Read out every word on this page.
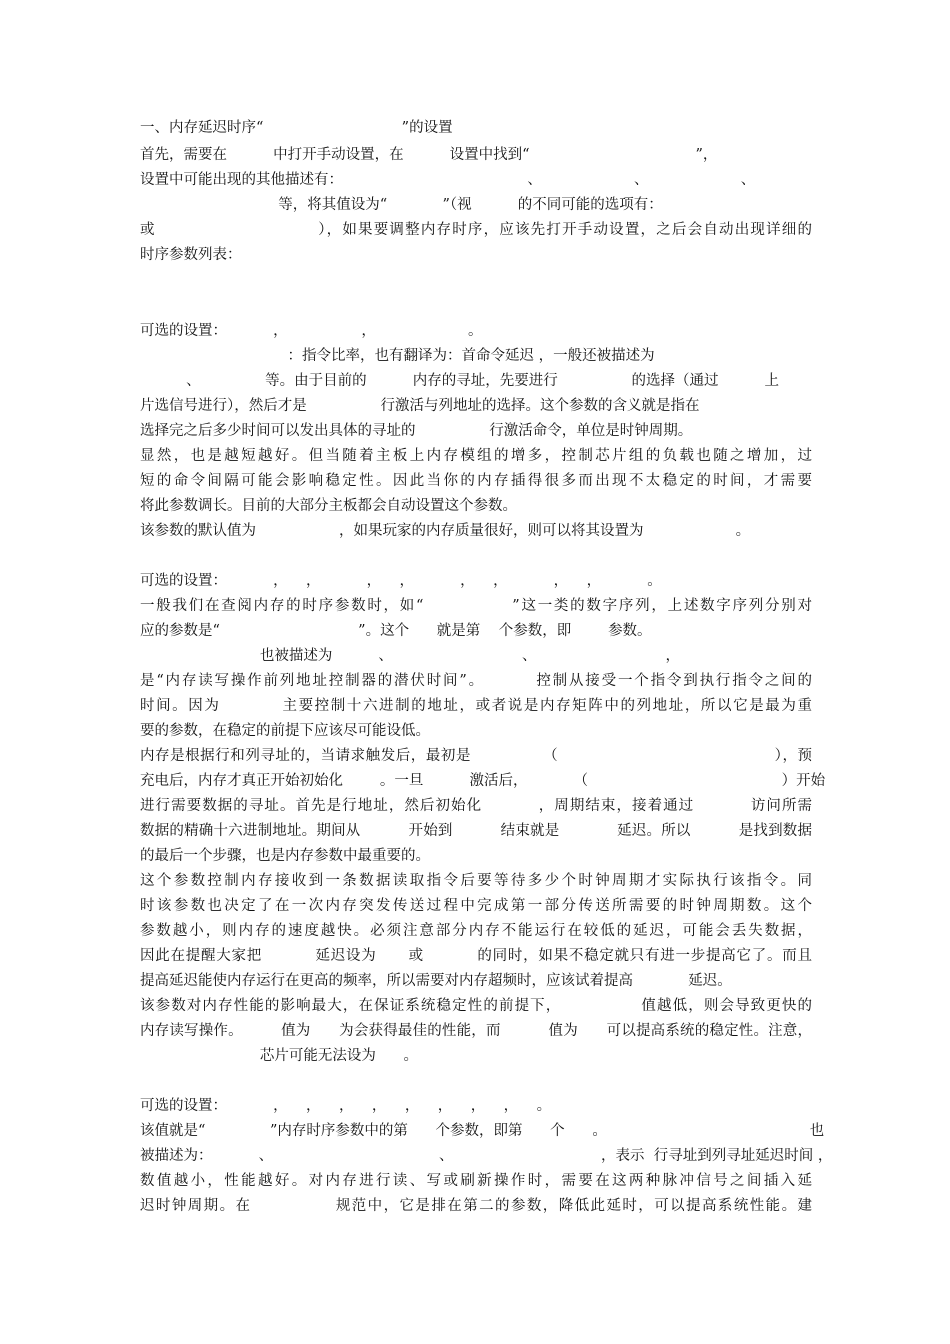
一、内存延迟时序“                              ”的设置
首先，需要在          中打开手动设置，在          设置中找到“                                    ”，
设置中可能出现的其他描述有：                                        、                    、                    、
等，将其值设为“            ”（视          的不同可能的选项有：
或                            ），如果要调整内存时序，应该先打开手动设置，之后会自动出现详细的
时序参数列表：
可选的设置：          ，                ，                    。
：指令比率，也有翻译为：首命令延迟 ，一般还被描述为
、              等。由于目前的          内存的寻址，先要进行                的选择（通过          上
片选信号进行），然后才是                行激活与列地址的选择。这个参数的含义就是指在
选择完之后多少时间可以发出具体的寻址的                行激活命令，单位是时钟周期。
显然，也是越短越好。但当随着主板上内存模组的增多，控制芯片组的负载也随之增加，过
短的命令间隔可能会影响稳定性。因此当你的内存插得很多而出现不太稳定的时间，才需要
将此参数调长。目前的大部分主板都会自动设置这个参数。
该参数的默认值为                  ，如果玩家的内存质量很好，则可以将其设置为                    。
可选的设置：          ，    ，          ，    ，          ，    ，          ，    ，          。
一般我们在查阅内存的时序参数时，如“              ”这一类的数字序列，上述数字序列分别对
应的参数是“                              ”。这个      就是第    个参数，即        参数。
也被描述为          、                            、                            ，
是“内存读写操作前列地址控制器的潜伏时间”。        控制从接受一个指令到执行指令之间的
时间。因为          主要控制十六进制的地址，或者说是内存矩阵中的列地址，所以它是最为重
要的参数，在稳定的前提下应该尽可能设低。
内存是根据行和列寻址的，当请求触发后，最初是              （                                          ），预
充电后，内存才真正开始初始化        。一旦          激活后，          （                                          ）开始
进行需要数据的寻址。首先是行地址，然后初始化          ，周期结束，接着通过          访问所需
数据的精确十六进制地址。期间从          开始到          结束就是            延迟。所以          是找到数据
的最后一个步骤，也是内存参数中最重要的。
这个参数控制内存接收到一条数据读取指令后要等待多少个时钟周期才实际执行该指令。同
时该参数也决定了在一次内存突发传送过程中完成第一部分传送所需要的时钟周期数。这个
参数越小，则内存的速度越快。必须注意部分内存不能运行在较低的延迟，可能会丢失数据，
因此在提醒大家把          延迟设为      或          的同时，如果不稳定就只有进一步提高它了。而且
提高延迟能使内存运行在更高的频率，所以需要对内存超频时，应该试着提高            延迟。
该参数对内存性能的影响最大，在保证系统稳定性的前提下，              值越低，则会导致更快的
内存读写操作。        值为      为会获得最佳的性能，而          值为      可以提高系统的稳定性。注意，
芯片可能无法设为      。
可选的设置：          ，    ，    ，    ，    ，    ，    ，    ，    。
该值就是“              ”内存时序参数中的第      个参数，即第      个      。                                            也
被描述为：          、                                    、                                ，表示  行寻址到列寻址延迟时间 ，
数值越小，性能越好。对内存进行读、写或刷新操作时，需要在这两种脉冲信号之间插入延
迟时钟周期。在              规范中，它是排在第二的参数，降低此延时，可以提高系统性能。建
